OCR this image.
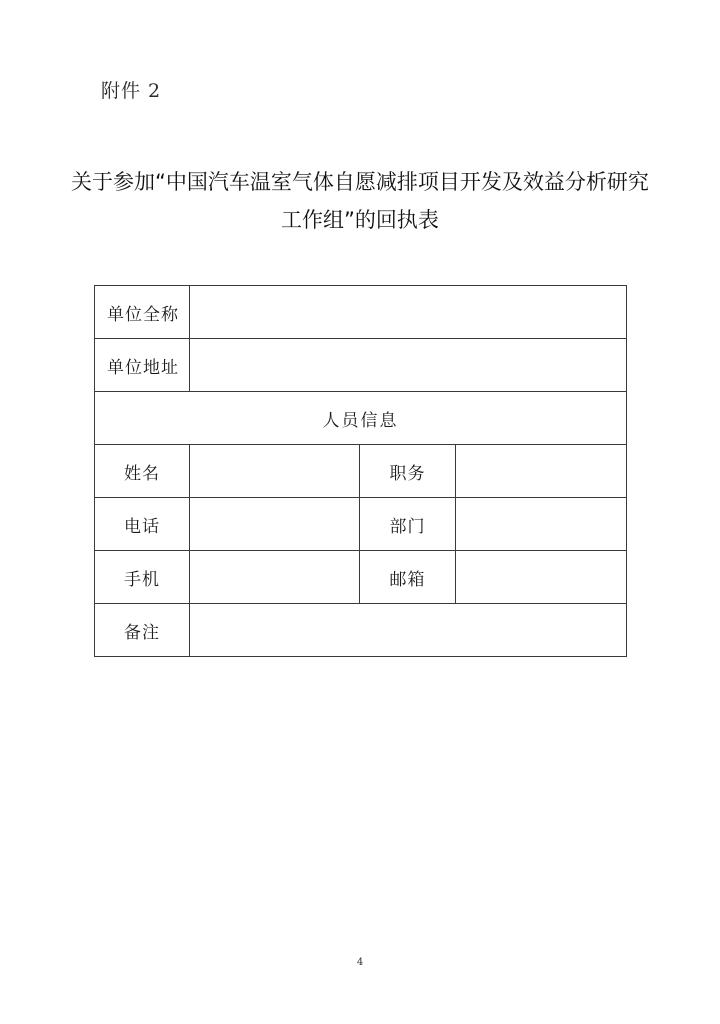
附件 2
关于参加“中国汽车温室气体自愿减排项目开发及效益分析研究
工作组”的回执表
单位全称			
单位地址			
人员信息			
姓名		职务	
电话		部门	
手机		邮箱	
备注			
4
